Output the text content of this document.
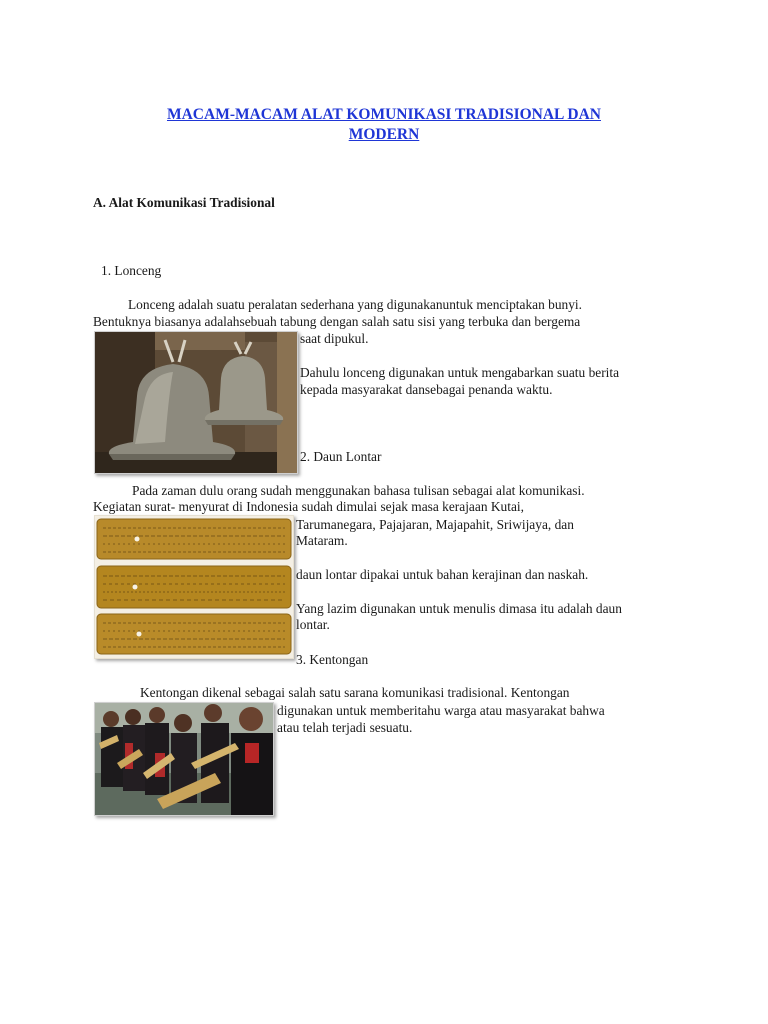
MACAM-MACAM ALAT KOMUNIKASI TRADISIONAL DAN
MODERN
A. Alat Komunikasi Tradisional
1. Lonceng
Lonceng adalah suatu peralatan sederhana yang digunakanuntuk menciptakan bunyi.
Bentuknya biasanya adalahsebuah tabung dengan salah satu sisi yang terbuka dan bergema
saat dipukul.
Dahulu lonceng digunakan untuk mengabarkan suatu berita
kepada masyarakat dansebagai penanda waktu.
2. Daun Lontar
Pada zaman dulu orang sudah menggunakan bahasa tulisan sebagai alat komunikasi.
Kegiatan surat- menyurat di Indonesia sudah dimulai sejak masa kerajaan Kutai,
Tarumanegara, Pajajaran, Majapahit, Sriwijaya, dan
Mataram.
daun lontar dipakai untuk bahan kerajinan dan naskah.
Yang lazim digunakan untuk menulis dimasa itu adalah daun
lontar.
3. Kentongan
Kentongan dikenal sebagai salah satu sarana komunikasi tradisional. Kentongan
digunakan untuk memberitahu warga atau masyarakat bahwa
atau telah terjadi sesuatu.
